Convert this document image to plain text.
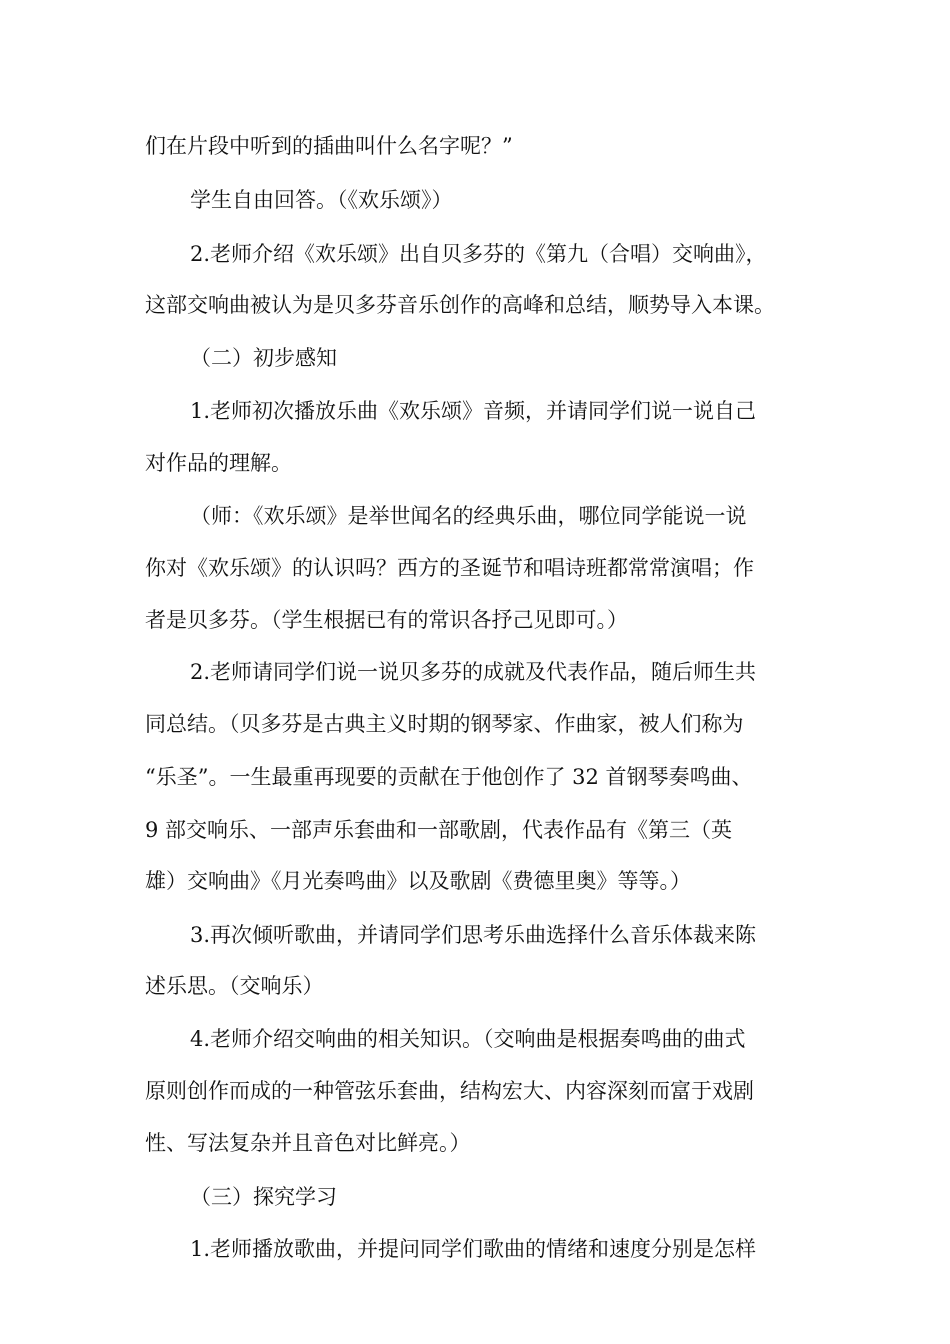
们在片段中听到的插曲叫什么名字呢？”
学生自由回答。（《欢乐颂》）
2.老师介绍《欢乐颂》出自贝多芬的《第九（合唱）交响曲》，
这部交响曲被认为是贝多芬音乐创作的高峰和总结，顺势导入本课。
（二）初步感知
1.老师初次播放乐曲《欢乐颂》音频，并请同学们说一说自己
对作品的理解。
（师：《欢乐颂》是举世闻名的经典乐曲，哪位同学能说一说
你对《欢乐颂》的认识吗？西方的圣诞节和唱诗班都常常演唱；作
者是贝多芬。（学生根据已有的常识各抒己见即可。）
2.老师请同学们说一说贝多芬的成就及代表作品，随后师生共
同总结。（贝多芬是古典主义时期的钢琴家、作曲家，被人们称为
“乐圣”。一生最重再现要的贡献在于他创作了 32 首钢琴奏鸣曲、
9 部交响乐、一部声乐套曲和一部歌剧，代表作品有《第三（英
雄）交响曲》《月光奏鸣曲》以及歌剧《费德里奥》等等。）
3.再次倾听歌曲，并请同学们思考乐曲选择什么音乐体裁来陈
述乐思。（交响乐）
4.老师介绍交响曲的相关知识。（交响曲是根据奏鸣曲的曲式
原则创作而成的一种管弦乐套曲，结构宏大、内容深刻而富于戏剧
性、写法复杂并且音色对比鲜亮。）
（三）探究学习
1.老师播放歌曲，并提问同学们歌曲的情绪和速度分别是怎样
